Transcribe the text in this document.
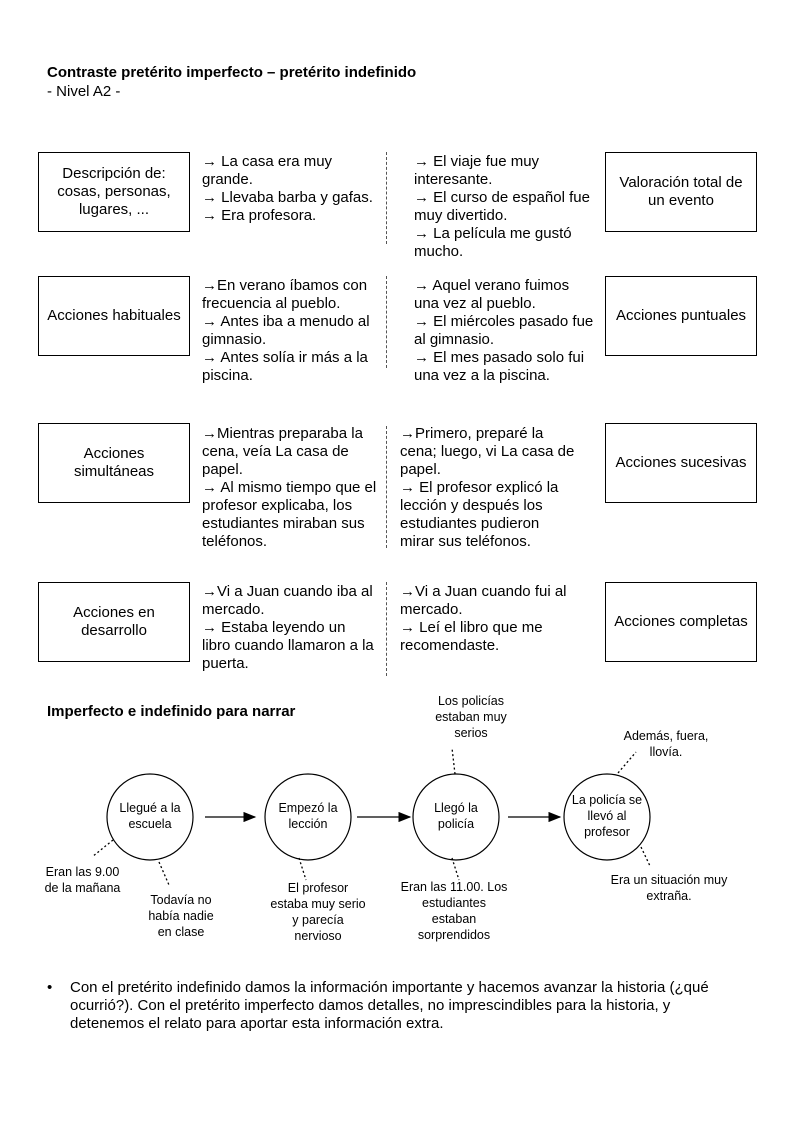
Contraste pretérito imperfecto – pretérito indefinido
- Nivel A2 -
Descripción de: cosas, personas, lugares, ...
→ La casa era muy grande.
→ Llevaba barba y gafas.
→ Era profesora.
→ El viaje fue muy interesante.
→ El curso de español fue muy divertido.
→ La película me gustó mucho.
Valoración total de un evento
Acciones habituales
→En verano íbamos con frecuencia al pueblo.
→ Antes iba a menudo al gimnasio.
→ Antes solía ir más a la piscina.
→ Aquel verano fuimos una vez al pueblo.
→ El miércoles pasado fue al gimnasio.
→ El mes pasado solo fui una vez a la piscina.
Acciones puntuales
Acciones simultáneas
→Mientras preparaba la cena, veía La casa de papel.
→ Al mismo tiempo que el profesor explicaba, los estudiantes miraban sus teléfonos.
→Primero, preparé la cena; luego, vi La casa de papel.
→ El profesor explicó la lección y después los estudiantes pudieron mirar sus teléfonos.
Acciones sucesivas
Acciones en desarrollo
→Vi a Juan cuando iba al mercado.
→ Estaba leyendo un libro cuando llamaron a la puerta.
→Vi a Juan cuando fui al mercado.
→ Leí el libro que me recomendaste.
Acciones completas
Imperfecto e indefinido para narrar
Llegué a la escuela
Empezó la lección
Llegó la policía
La policía se llevó al profesor
Eran las 9.00 de la mañana
Todavía no había nadie en clase
El profesor estaba muy serio y parecía nervioso
Los policías estaban muy serios
Eran las 11.00. Los estudiantes estaban sorprendidos
Además, fuera, llovía.
Era un situación muy extraña.
• Con el pretérito indefinido damos la información importante y hacemos avanzar la historia (¿qué ocurrió?). Con el pretérito imperfecto damos detalles, no imprescindibles para la historia, y detenemos el relato para aportar esta información extra.
